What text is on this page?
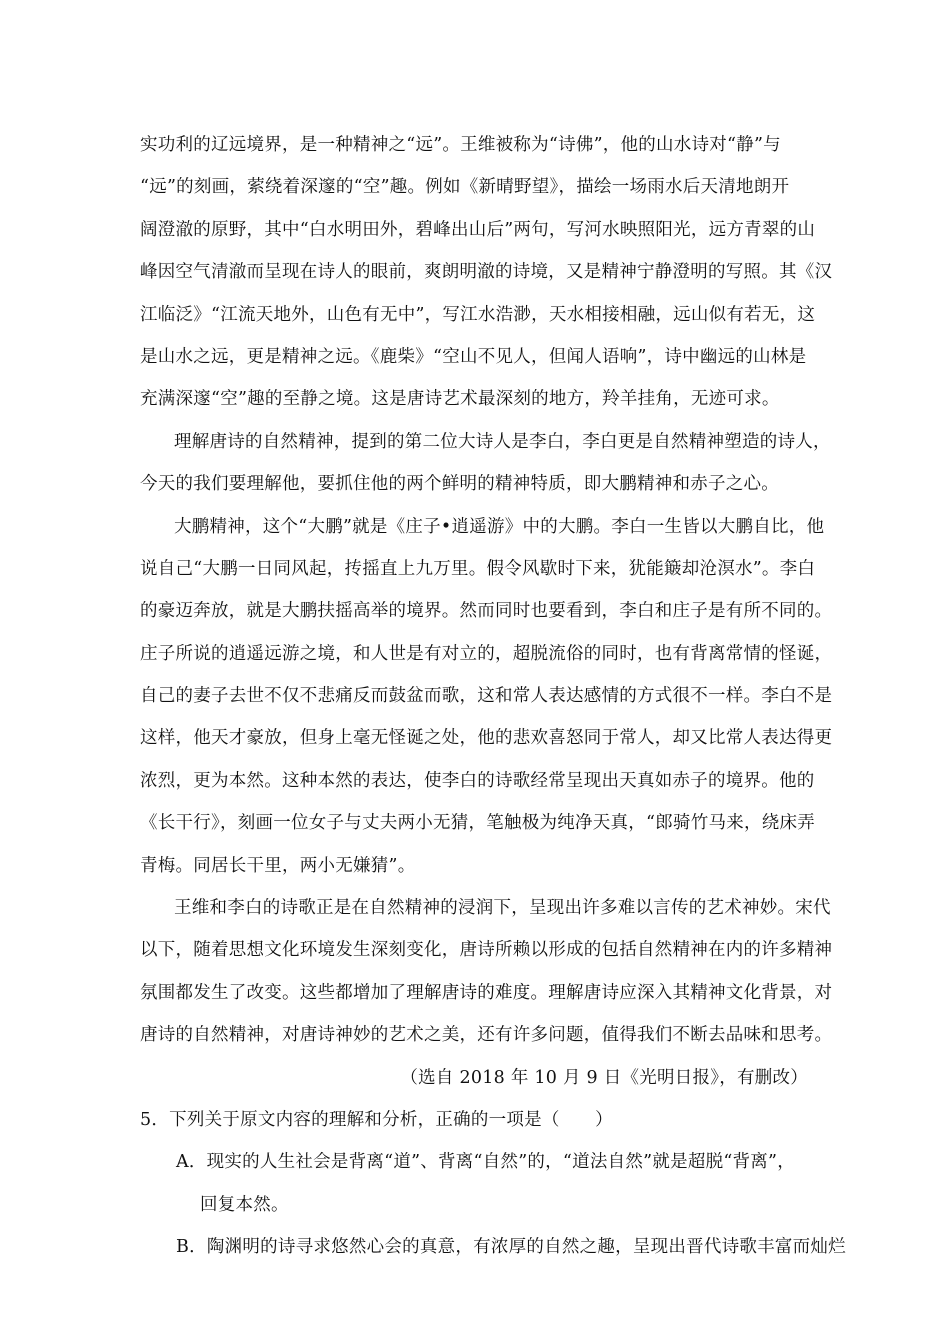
实功利的辽远境界，是一种精神之“远”。王维被称为“诗佛”，他的山水诗对“静”与
“远”的刻画，萦绕着深邃的“空”趣。例如《新晴野望》，描绘一场雨水后天清地朗开
阔澄澈的原野，其中“白水明田外，碧峰出山后”两句，写河水映照阳光，远方青翠的山
峰因空气清澈而呈现在诗人的眼前，爽朗明澈的诗境，又是精神宁静澄明的写照。其《汉
江临泛》“江流天地外，山色有无中”，写江水浩渺，天水相接相融，远山似有若无，这
是山水之远，更是精神之远。《鹿柴》“空山不见人，但闻人语响”，诗中幽远的山林是
充满深邃“空”趣的至静之境。这是唐诗艺术最深刻的地方，羚羊挂角，无迹可求。
理解唐诗的自然精神，提到的第二位大诗人是李白，李白更是自然精神塑造的诗人，
今天的我们要理解他，要抓住他的两个鲜明的精神特质，即大鹏精神和赤子之心。
大鹏精神，这个“大鹏”就是《庄子•逍遥游》中的大鹏。李白一生皆以大鹏自比，他
说自己“大鹏一日同风起，抟摇直上九万里。假令风歇时下来，犹能簸却沧溟水”。李白
的豪迈奔放，就是大鹏扶摇高举的境界。然而同时也要看到，李白和庄子是有所不同的。
庄子所说的逍遥远游之境，和人世是有对立的，超脱流俗的同时，也有背离常情的怪诞，
自己的妻子去世不仅不悲痛反而鼓盆而歌，这和常人表达感情的方式很不一样。李白不是
这样，他天才豪放，但身上毫无怪诞之处，他的悲欢喜怒同于常人，却又比常人表达得更
浓烈，更为本然。这种本然的表达，使李白的诗歌经常呈现出天真如赤子的境界。他的
《长干行》，刻画一位女子与丈夫两小无猜，笔触极为纯净天真，“郎骑竹马来，绕床弄
青梅。同居长干里，两小无嫌猜”。
王维和李白的诗歌正是在自然精神的浸润下，呈现出许多难以言传的艺术神妙。宋代
以下，随着思想文化环境发生深刻变化，唐诗所赖以形成的包括自然精神在内的许多精神
氛围都发生了改变。这些都增加了理解唐诗的难度。理解唐诗应深入其精神文化背景，对
唐诗的自然精神，对唐诗神妙的艺术之美，还有许多问题，值得我们不断去品味和思考。
（选自 2018 年 10 月 9 日《光明日报》，有删改）
5．下列关于原文内容的理解和分析，正确的一项是（　　）
A．现实的人生社会是背离“道”、背离“自然”的，“道法自然”就是超脱“背离”，
回复本然。
B．陶渊明的诗寻求悠然心会的真意，有浓厚的自然之趣，呈现出晋代诗歌丰富而灿烂
